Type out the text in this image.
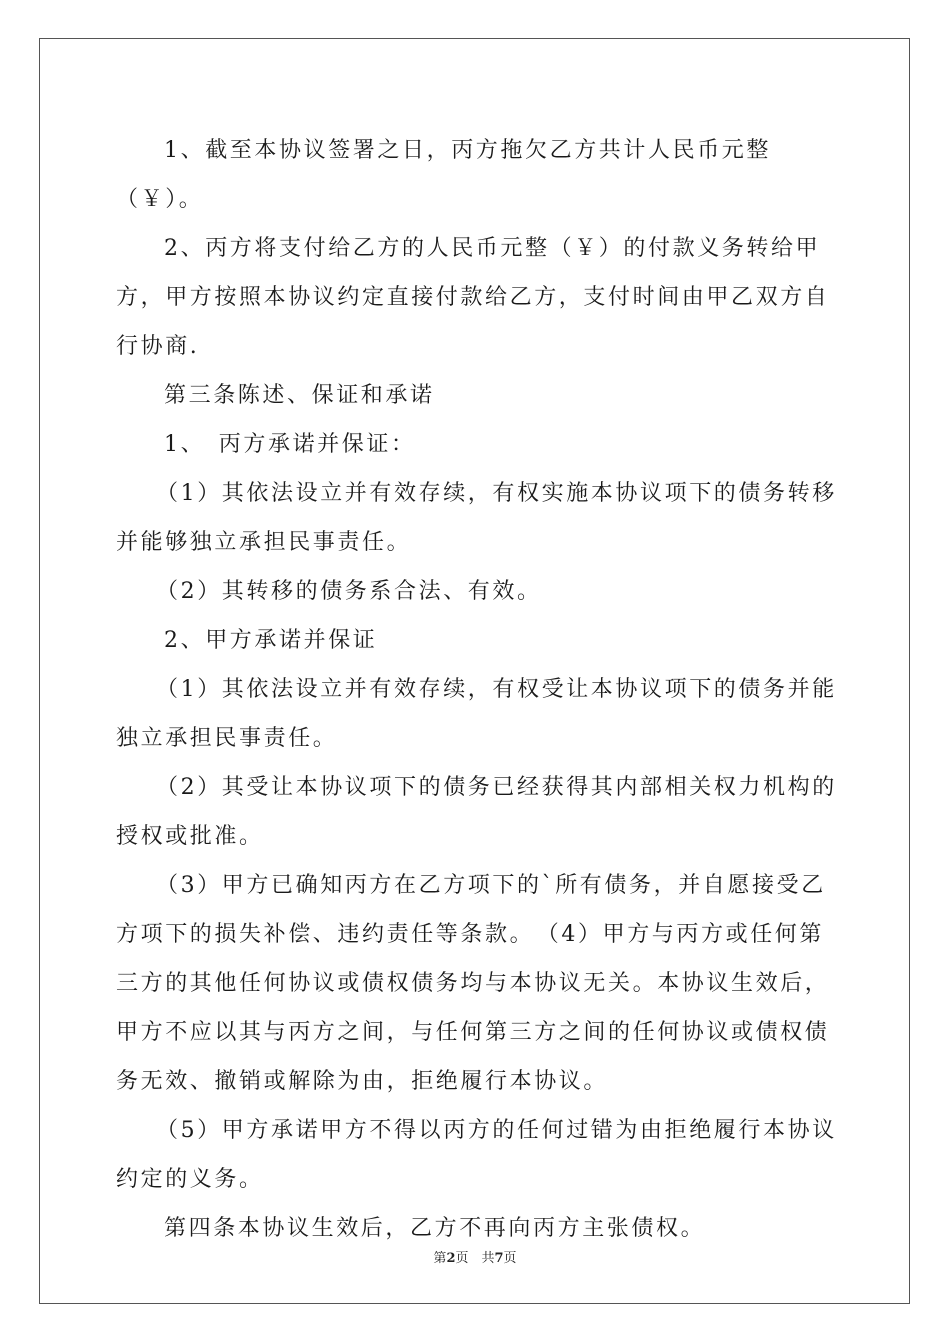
1、截至本协议签署之日，丙方拖欠乙方共计人民币元整（￥）。

2、丙方将支付给乙方的人民币元整（￥）的付款义务转给甲方，甲方按照本协议约定直接付款给乙方，支付时间由甲乙双方自行协商.

第三条陈述、保证和承诺

1、　丙方承诺并保证：

（1）其依法设立并有效存续，有权实施本协议项下的债务转移并能够独立承担民事责任。

（2）其转移的债务系合法、有效。

2、甲方承诺并保证

（1）其依法设立并有效存续，有权受让本协议项下的债务并能独立承担民事责任。

（2）其受让本协议项下的债务已经获得其内部相关权力机构的授权或批准。

（3）甲方已确知丙方在乙方项下的`所有债务，并自愿接受乙方项下的损失补偿、违约责任等条款。　（4）甲方与丙方或任何第三方的其他任何协议或债权债务均与本协议无关。本协议生效后，甲方不应以其与丙方之间，与任何第三方之间的任何协议或债权债务无效、撤销或解除为由，拒绝履行本协议。

（5）甲方承诺甲方不得以丙方的任何过错为由拒绝履行本协议约定的义务。

第四条本协议生效后，乙方不再向丙方主张债权。

第2页　共7页
